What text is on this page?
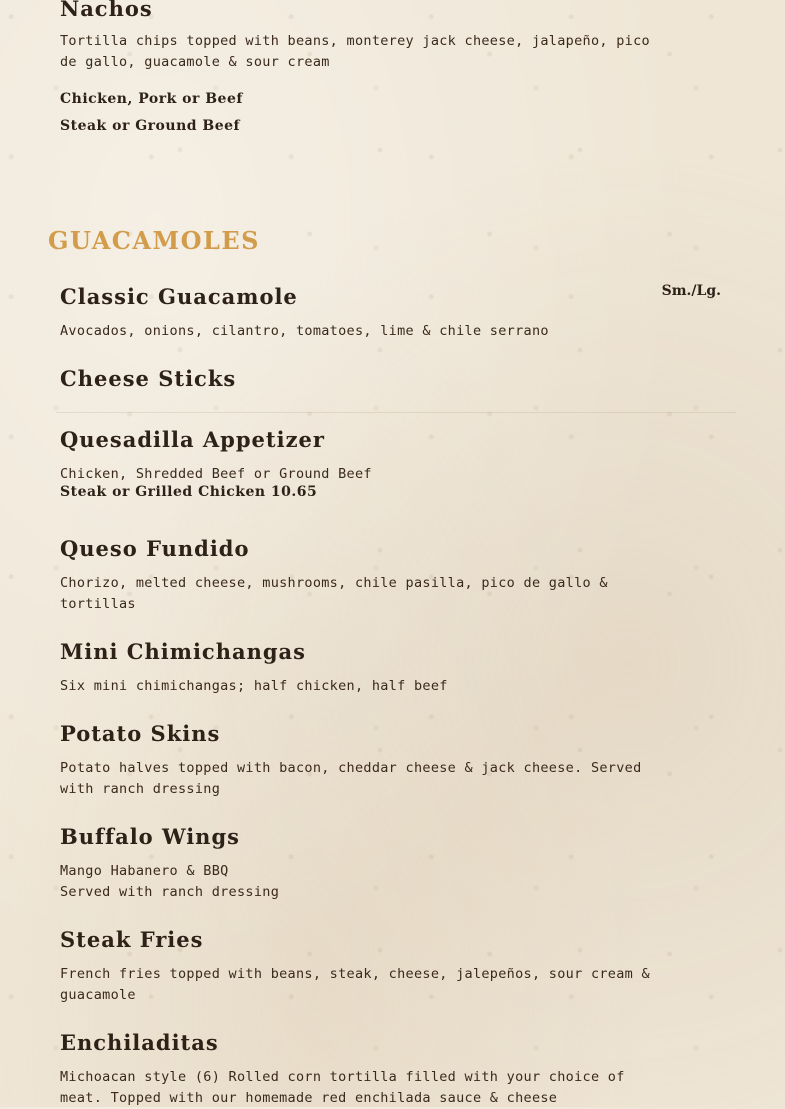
Nachos

Tortilla chips topped with beans, monterey jack cheese, jalapeño, pico de gallo, guacamole & sour cream

Chicken, Pork or Beef

Steak or Ground Beef

GUACAMOLES
Sm./Lg.
Classic Guacamole

Avocados, onions, cilantro, tomatoes, lime & chile serrano

Cheese Sticks
Quesadilla Appetizer

Chicken, Shredded Beef or Ground Beef

Steak or Grilled Chicken 10.65

Queso Fundido

Chorizo, melted cheese, mushrooms, chile pasilla, pico de gallo & tortillas

Mini Chimichangas

Six mini chimichangas; half chicken, half beef

Potato Skins

Potato halves topped with bacon, cheddar cheese & jack cheese. Served with ranch dressing

Buffalo Wings

Mango Habanero & BBQ

Served with ranch dressing

Steak Fries

French fries topped with beans, steak, cheese, jalepeños, sour cream & guacamole

Enchiladitas

Michoacan style (6) Rolled corn tortilla filled with your choice of meat. Topped with our homemade red enchilada sauce & cheese
